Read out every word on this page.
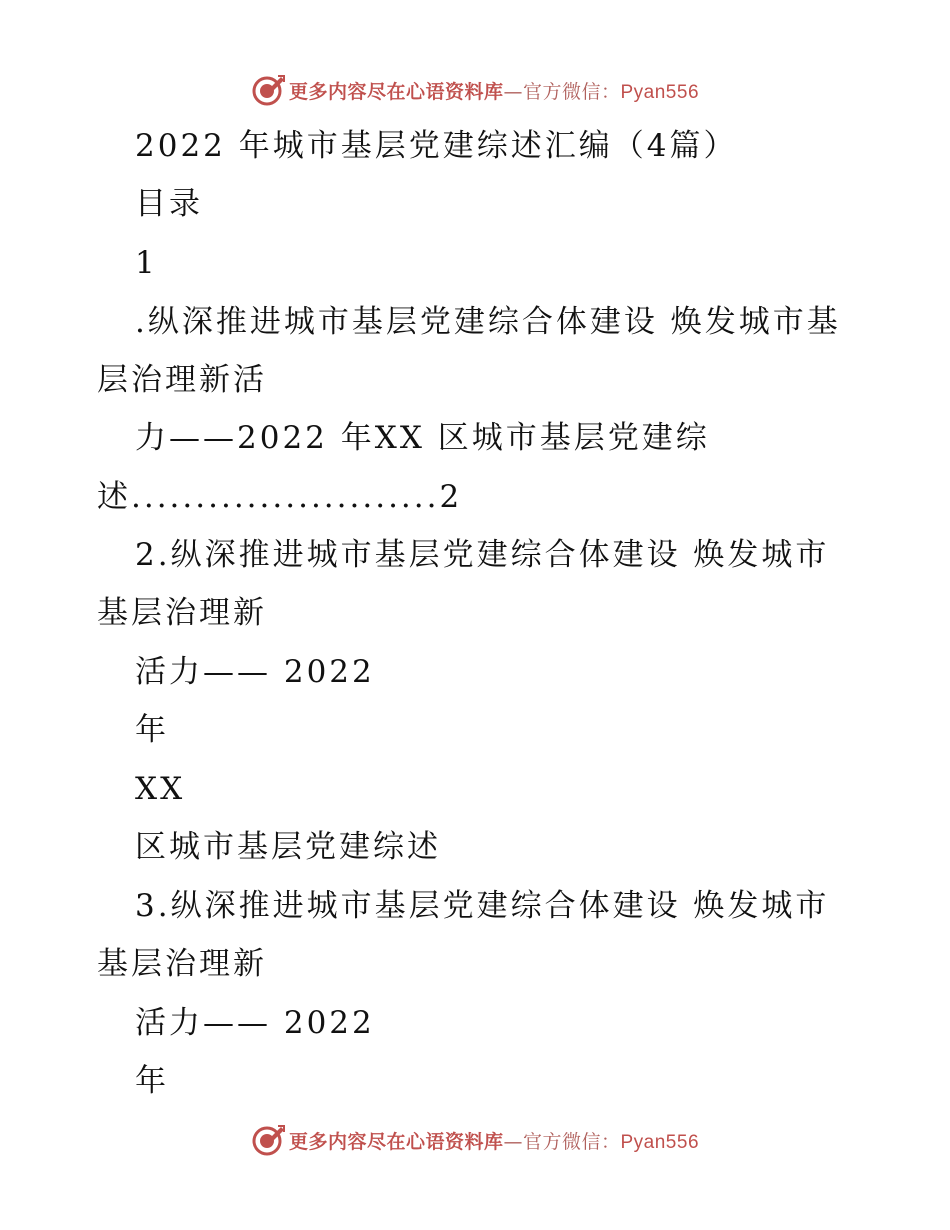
更多内容尽在心语资料库—官方微信：Pyan556
2022 年城市基层党建综述汇编（4篇）
目录
1
.纵深推进城市基层党建综合体建设 焕发城市基
层治理新活
力——2022 年XX 区城市基层党建综
述........................2
2.纵深推进城市基层党建综合体建设 焕发城市
基层治理新
活力—— 2022
年
XX
区城市基层党建综述
3.纵深推进城市基层党建综合体建设 焕发城市
基层治理新
活力—— 2022
年
更多内容尽在心语资料库—官方微信：Pyan556
